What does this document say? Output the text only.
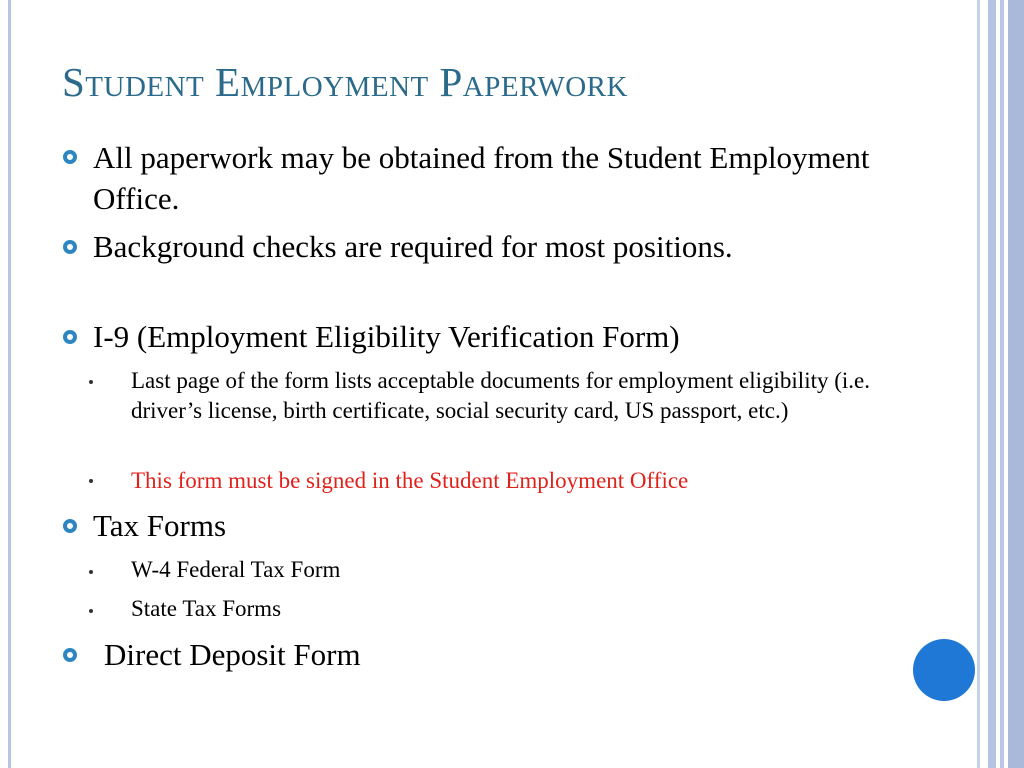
Student Employment Paperwork
All paperwork may be obtained from the Student Employment Office.
Background checks are required for most positions.
I-9 (Employment Eligibility Verification Form)
Last page of the form lists acceptable documents for employment eligibility (i.e. driver’s license, birth certificate, social security card, US passport, etc.)
This form must be signed in the Student Employment Office
Tax Forms
W-4 Federal Tax Form
State Tax Forms
Direct Deposit Form
